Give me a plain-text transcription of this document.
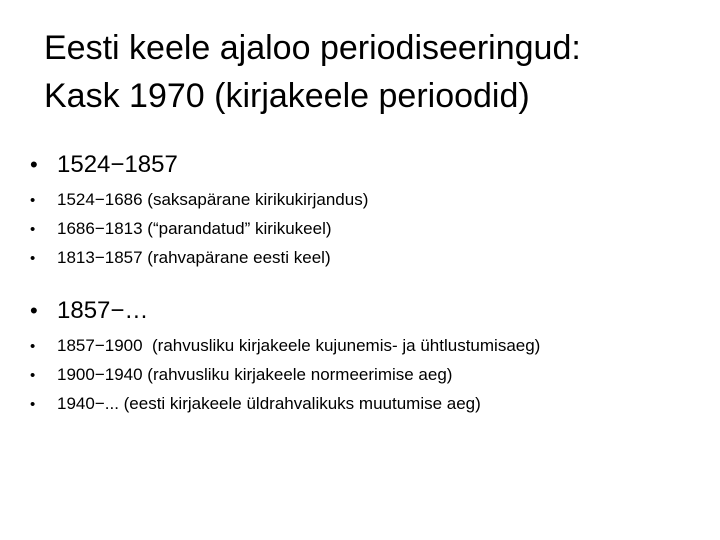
Eesti keele ajaloo periodiseeringud:
Kask 1970 (kirjakeele perioodid)
• 1524−1857
•	1524−1686 (saksapärane kirikukirjandus)
•	1686−1813 (“parandatud” kirikukeel)
•	1813−1857 (rahvapärane eesti keel)
• 1857−…
•	1857−1900  (rahvusliku kirjakeele kujunemis- ja ühtlustumisaeg)
•	1900−1940 (rahvusliku kirjakeele normeerimise aeg)
•	1940−... (eesti kirjakeele üldrahvalikuks muutumise aeg)
